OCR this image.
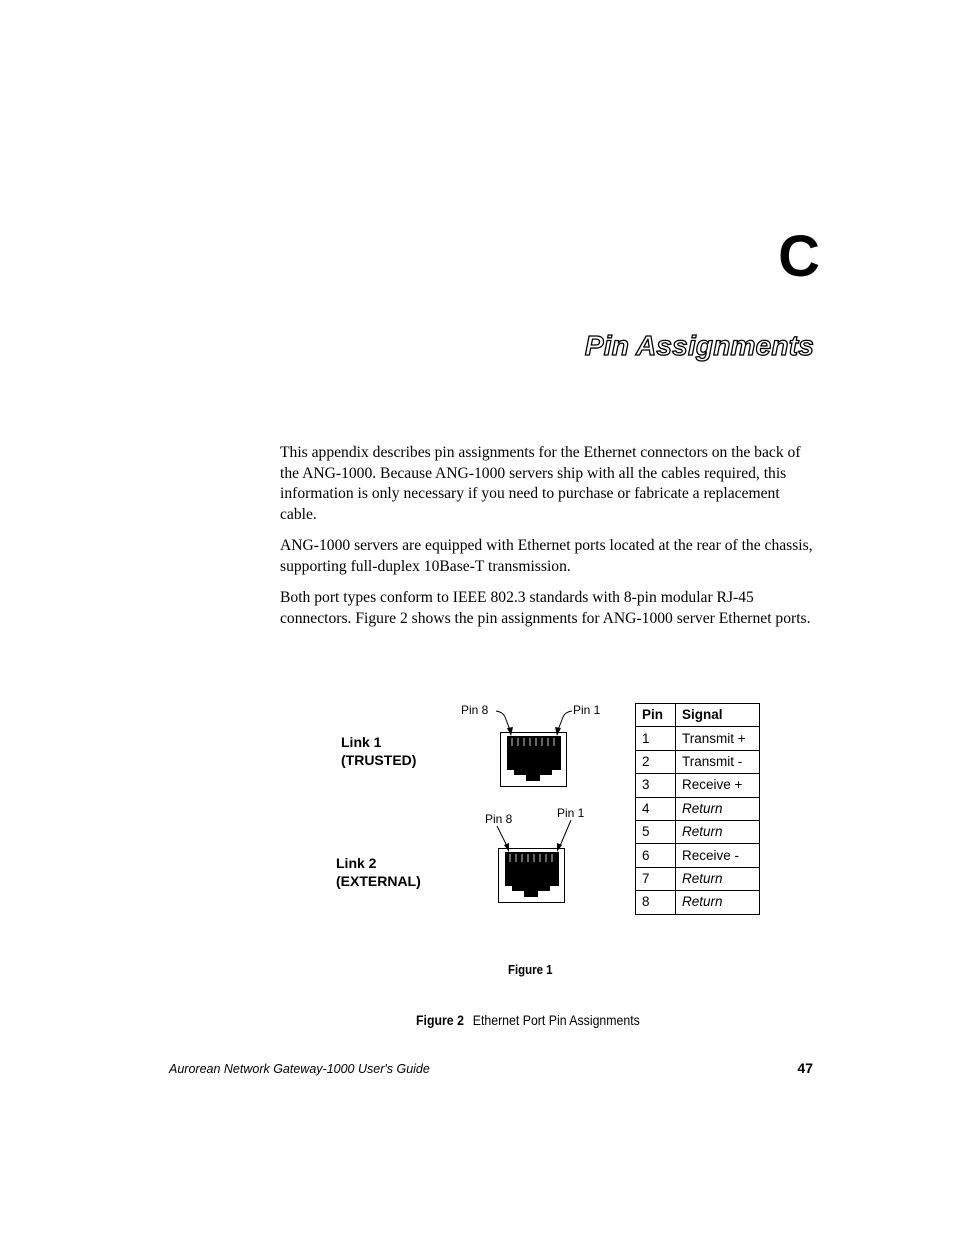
C
Pin Assignments

This appendix describes pin assignments for the Ethernet connectors on the back of the ANG-1000. Because ANG-1000 servers ship with all the cables required, this information is only necessary if you need to purchase or fabricate a replacement cable.

ANG-1000 servers are equipped with Ethernet ports located at the rear of the chassis, supporting full-duplex 10Base-T transmission.

Both port types conform to IEEE 802.3 standards with 8-pin modular RJ-45 connectors. Figure 2 shows the pin assignments for ANG-1000 server Ethernet ports.

Link 1
(TRUSTED)
Pin 8	Pin 1
Link 2
(EXTERNAL)
Pin 8	Pin 1
Pin	Signal
1	Transmit +
2	Transmit -
3	Receive +
4	Return
5	Return
6	Receive -
7	Return
8	Return
Figure 1
Figure 2 Ethernet Port Pin Assignments
Aurorean Network Gateway-1000 User's Guide	47
